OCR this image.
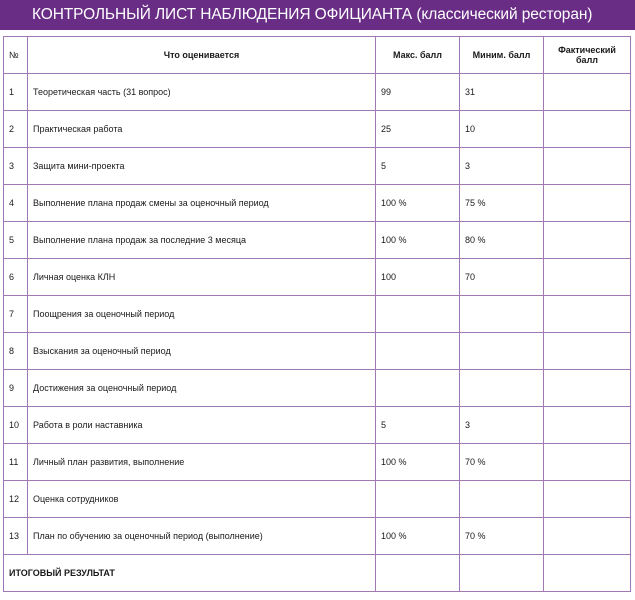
КОНТРОЛЬНЫЙ ЛИСТ НАБЛЮДЕНИЯ ОФИЦИАНТА (классический ресторан)
№	Что оценивается	Макс. балл	Миним. балл	Фактический балл
1	Теоретическая часть (31 вопрос)	99	31	
2	Практическая работа	25	10	
3	Защита мини-проекта	5	3	
4	Выполнение плана продаж смены за оценочный период	100 %	75 %	
5	Выполнение плана продаж за последние 3 месяца	100 %	80 %	
6	Личная оценка КЛН	100	70	
7	Поощрения за оценочный период			
8	Взыскания за оценочный период			
9	Достижения за оценочный период			
10	Работа в роли наставника	5	3	
11	Личный план развития, выполнение	100 %	70 %	
12	Оценка сотрудников			
13	План по обучению за оценочный период (выполнение)	100 %	70 %	
ИТОГОВЫЙ РЕЗУЛЬТАТ				
